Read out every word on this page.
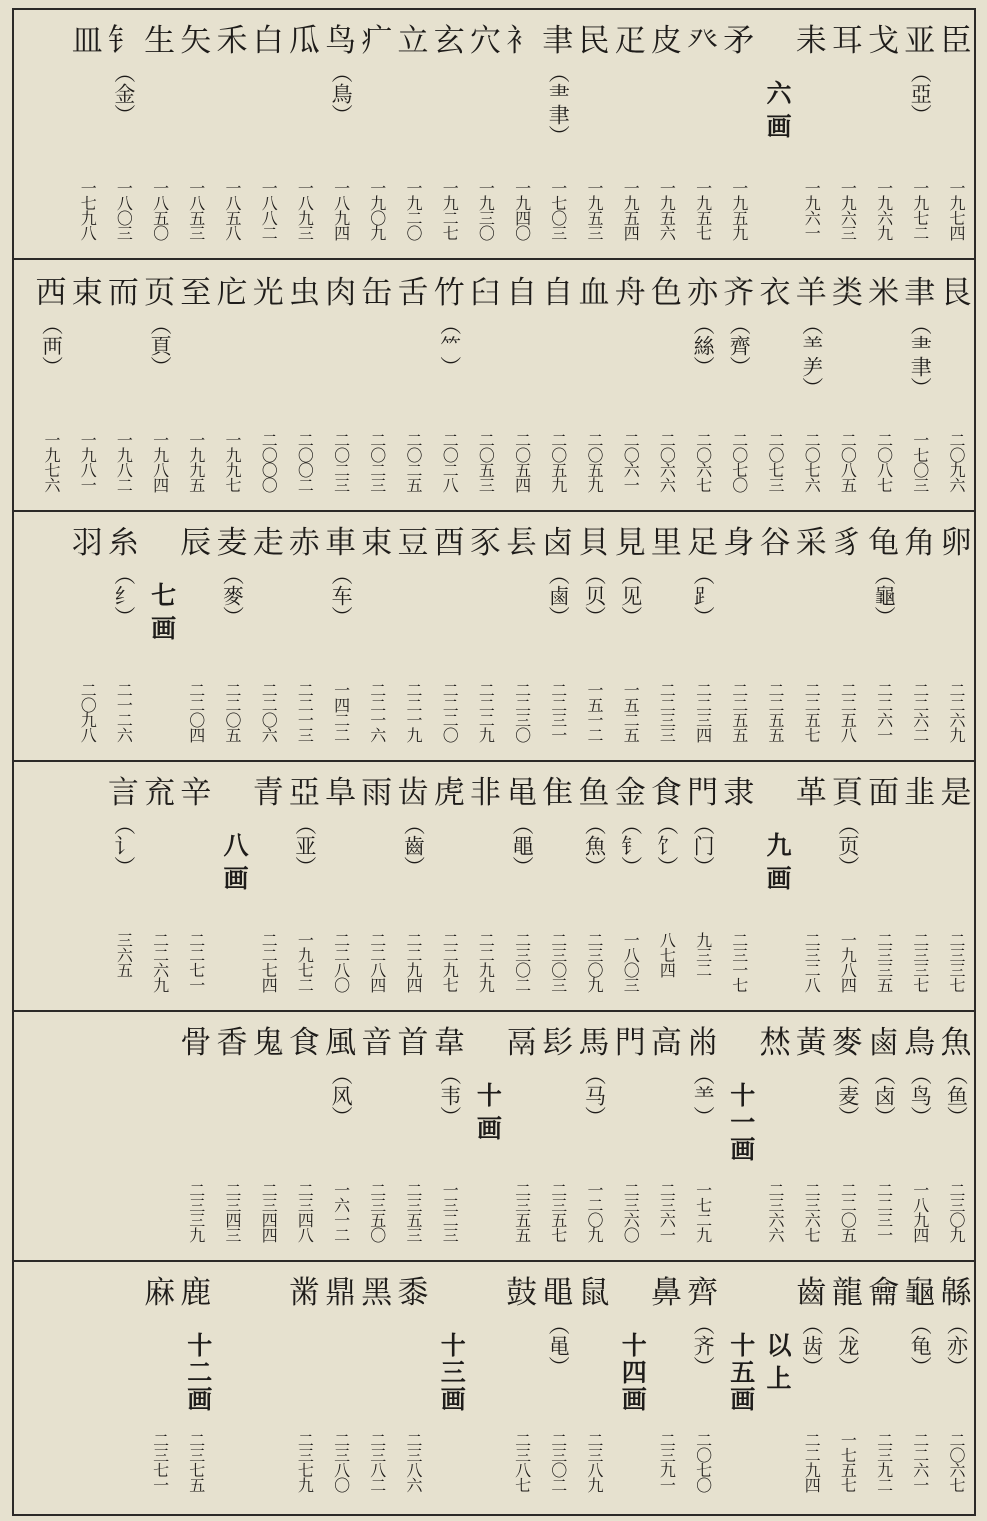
臣
一九七四
亚
（亞）
一九七二
戈
一九六九
耳
一九六三
耒
一九六一
矛
一九五九
癶
一九五七
皮
一九五六
疋
一九五四
民
一九五三
聿
（⺻聿）
一七〇三
衤
一九四〇
穴
一九三〇
玄
一九二七
立
一九二〇
疒
一九〇九
鸟
（鳥）
一八九四
瓜
一八九三
白
一八八二
禾
一八五八
矢
一八五三
生
一八五〇
钅
（金）
一八〇三
皿
一七九八
六画
艮
二〇九六
聿
（⺻聿）
一七〇三
米
二〇八七
类
二〇八五
羊
（⺷⺶）
二〇七六
衣
二〇七三
齐
（齊）
二〇七〇
亦
（絲）
二〇六七
色
二〇六六
舟
二〇六一
血
二〇五九
自
二〇五九
自
二〇五四
臼
二〇五三
竹
（⺮）
二〇二八
舌
二〇二五
缶
二〇二三
肉
二〇二三
虫
二〇〇二
光
二〇〇〇
庀
一九九七
至
一九九五
页
（頁）
一九八四
而
一九八二
束
一九八一
西
（襾）
一九七六
卵
二二六九
角
二二六二
龟
（龜）
二二六一
豸
二二五八
采
二二五七
谷
二二五五
身
二二五五
足
（⻊）
二二三四
里
二二三三
見
（见）
一五二五
貝
（贝）
一五一二
卤
（鹵）
二二三一
镸
二二三〇
豕
二二二九
酉
二二二〇
豆
二二一九
束
二二一六
車
（车）
一四二二
赤
二二一三
走
二二〇六
麦
（麥）
二二〇五
辰
二二〇四
糸
（纟）
二一二六
羽
二〇九八
七画
是
二三三七
韭
二三三七
面
二三三五
頁
（页）
一九八四
革
二三二八
隶
二三一七
門
（门）
九三二
食
（饣）
八七四
金
（钅）
一八〇三
鱼
（魚）
二三〇九
隹
二三〇三
黾
（黽）
二三〇二
非
二二九九
虎
二二九七
齿
（齒）
二二九四
雨
二二八四
阜
二二八〇
亞
（亚）
一九七二
青
二二七四
辛
二二七一
㐬
二二六九
言
（讠）
三六五
九画
八画
魚
（鱼）
二三〇九
鳥
（鸟）
一八九四
鹵
（卤）
二二三一
麥
（麦）
二二〇五
黃
二三六七
㷊
二三六六
㡀
（⺷）
一七二九
高
二三六一
門
二三六〇
馬
（马）
一二〇九
髟
二三五七
鬲
二三五五
韋
（韦）
一三二三
首
二三五三
音
二三五〇
風
（风）
一六一二
食
二三四八
鬼
二三四四
香
二三四三
骨
二三三九
十一画
十画
緜
（亦）
二〇六七
龜
（龟）
二二六一
龠
二三九二
龍
（龙）
一七五七
齒
（齿）
二二九四
齊
（齐）
二〇七〇
鼻
二三九一
鼠
二三八九
黽
（黾）
二三〇二
鼓
二三八七
黍
二三八六
黑
二三八二
鼎
二三八〇
黹
二三七九
鹿
二三七五
麻
二三七一
以上
十五画
十四画
十三画
十二画
